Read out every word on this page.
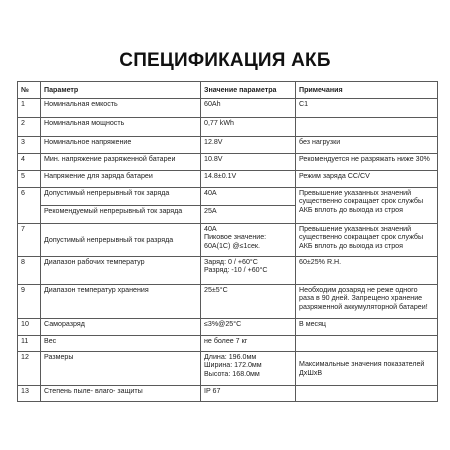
СПЕЦИФИКАЦИЯ АКБ
№	Параметр	Значение параметра	Примечания
1	Номинальная емкость	60Ah	C1
2	Номинальная мощность	0,77 kWh	
3	Номинальное напряжение	12.8V	без нагрузки
4	Мин. напряжение разряженной батареи	10.8V	Рекомендуется не разряжать ниже 30%
5	Напряжение для заряда батареи	14.8±0.1V	Режим заряда CC/CV
6	Допустимый непрерывный ток заряда	40A	Превышение указанных значений
существенно сокращает срок службы
АКБ вплоть до выхода из строя

	Рекомендуемый непрерывный ток заряда	25A	
7	Допустимый непрерывный ток разряда	40A
Пиковое значение:
60A(1C) @≤1сек.	Превышение указанных значений
существенно сокращает срок службы
АКБ вплоть до выхода из строя

8	Диапазон рабочих температур	Заряд: 0 / +60°C
Разряд: -10 / +60°C	60±25% R.H.
9	Диапазон температур хранения	25±5°C	Необходим дозаряд не реже одного
раза в 90 дней. Запрещено хранение
разряженной аккумуляторной батареи!

10	Саморазряд	≤3%@25°C	В месяц
11	Вес	не более 7 кг	
12	Размеры	Длина: 196.0мм
Ширина: 172.0мм
Высота: 168.0мм	Максимальные значения показателей
ДхШхВ

13	Степень пыле- влаго- защиты	IP 67	
